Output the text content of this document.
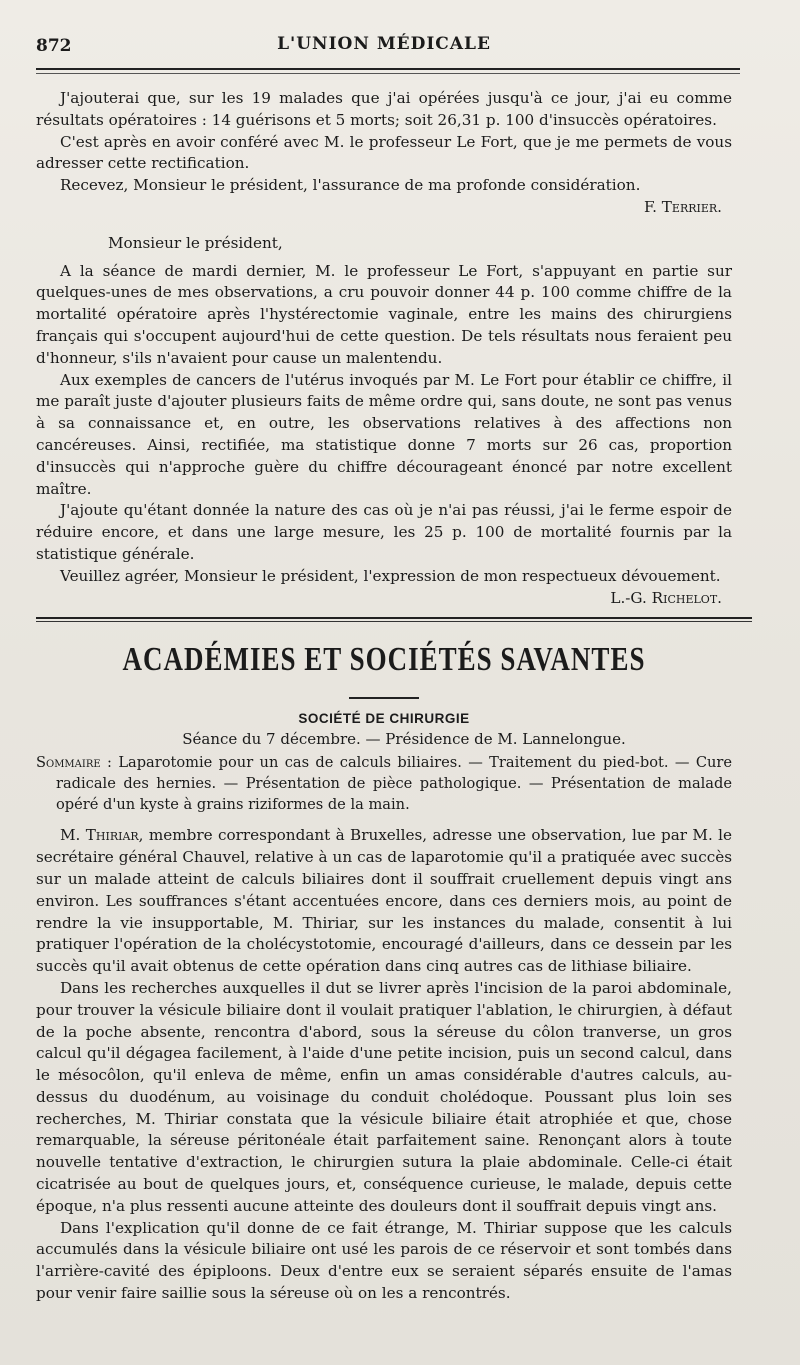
872	L'UNION MÉDICALE

J'ajouterai que, sur les 19 malades que j'ai opérées jusqu'à ce jour, j'ai eu comme résultats opératoires : 14 guérisons et 5 morts; soit 26,31 p. 100 d'insuccès opératoires.

C'est après en avoir conféré avec M. le professeur Le Fort, que je me permets de vous adresser cette rectification.

Recevez, Monsieur le président, l'assurance de ma profonde considération.

F. Terrier.

Monsieur le président,

A la séance de mardi dernier, M. le professeur Le Fort, s'appuyant en partie sur quelques-unes de mes observations, a cru pouvoir donner 44 p. 100 comme chiffre de la mortalité opératoire après l'hystérectomie vaginale, entre les mains des chirurgiens français qui s'occupent aujourd'hui de cette question. De tels résultats nous feraient peu d'honneur, s'ils n'avaient pour cause un malentendu.

Aux exemples de cancers de l'utérus invoqués par M. Le Fort pour établir ce chiffre, il me paraît juste d'ajouter plusieurs faits de même ordre qui, sans doute, ne sont pas venus à sa connaissance et, en outre, les observations relatives à des affections non cancéreuses. Ainsi, rectifiée, ma statistique donne 7 morts sur 26 cas, proportion d'insuccès qui n'approche guère du chiffre décourageant énoncé par notre excellent maître.

J'ajoute qu'étant donnée la nature des cas où je n'ai pas réussi, j'ai le ferme espoir de réduire encore, et dans une large mesure, les 25 p. 100 de mortalité fournis par la statistique générale.

Veuillez agréer, Monsieur le président, l'expression de mon respectueux dévouement.

L.-G. Richelot.
ACADÉMIES ET SOCIÉTÉS SAVANTES
SOCIÉTÉ DE CHIRURGIE
Séance du 7 décembre. — Présidence de M. Lannelongue.
Sommaire : Laparotomie pour un cas de calculs biliaires. — Traitement du pied-bot. — Cure radicale des hernies. — Présentation de pièce pathologique. — Présentation de malade opéré d'un kyste à grains riziformes de la main.

M. Thiriar, membre correspondant à Bruxelles, adresse une observation, lue par M. le secrétaire général Chauvel, relative à un cas de laparotomie qu'il a pratiquée avec succès sur un malade atteint de calculs biliaires dont il souffrait cruellement depuis vingt ans environ. Les souffrances s'étant accentuées encore, dans ces derniers mois, au point de rendre la vie insupportable, M. Thiriar, sur les instances du malade, consentit à lui pratiquer l'opération de la cholécystotomie, encouragé d'ailleurs, dans ce dessein par les succès qu'il avait obtenus de cette opération dans cinq autres cas de lithiase biliaire.

Dans les recherches auxquelles il dut se livrer après l'incision de la paroi abdominale, pour trouver la vésicule biliaire dont il voulait pratiquer l'ablation, le chirurgien, à défaut de la poche absente, rencontra d'abord, sous la séreuse du côlon tranverse, un gros calcul qu'il dégagea facilement, à l'aide d'une petite incision, puis un second calcul, dans le mésocôlon, qu'il enleva de même, enfin un amas considérable d'autres calculs, au-dessus du duodénum, au voisinage du conduit cholédoque. Poussant plus loin ses recherches, M. Thiriar constata que la vésicule biliaire était atrophiée et que, chose remarquable, la séreuse péritonéale était parfaitement saine. Renonçant alors à toute nouvelle tentative d'extraction, le chirurgien sutura la plaie abdominale. Celle-ci était cicatrisée au bout de quelques jours, et, conséquence curieuse, le malade, depuis cette époque, n'a plus ressenti aucune atteinte des douleurs dont il souffrait depuis vingt ans.

Dans l'explication qu'il donne de ce fait étrange, M. Thiriar suppose que les calculs accumulés dans la vésicule biliaire ont usé les parois de ce réservoir et sont tombés dans l'arrière-cavité des épiploons. Deux d'entre eux se seraient séparés ensuite de l'amas pour venir faire saillie sous la séreuse où on les a rencontrés.
